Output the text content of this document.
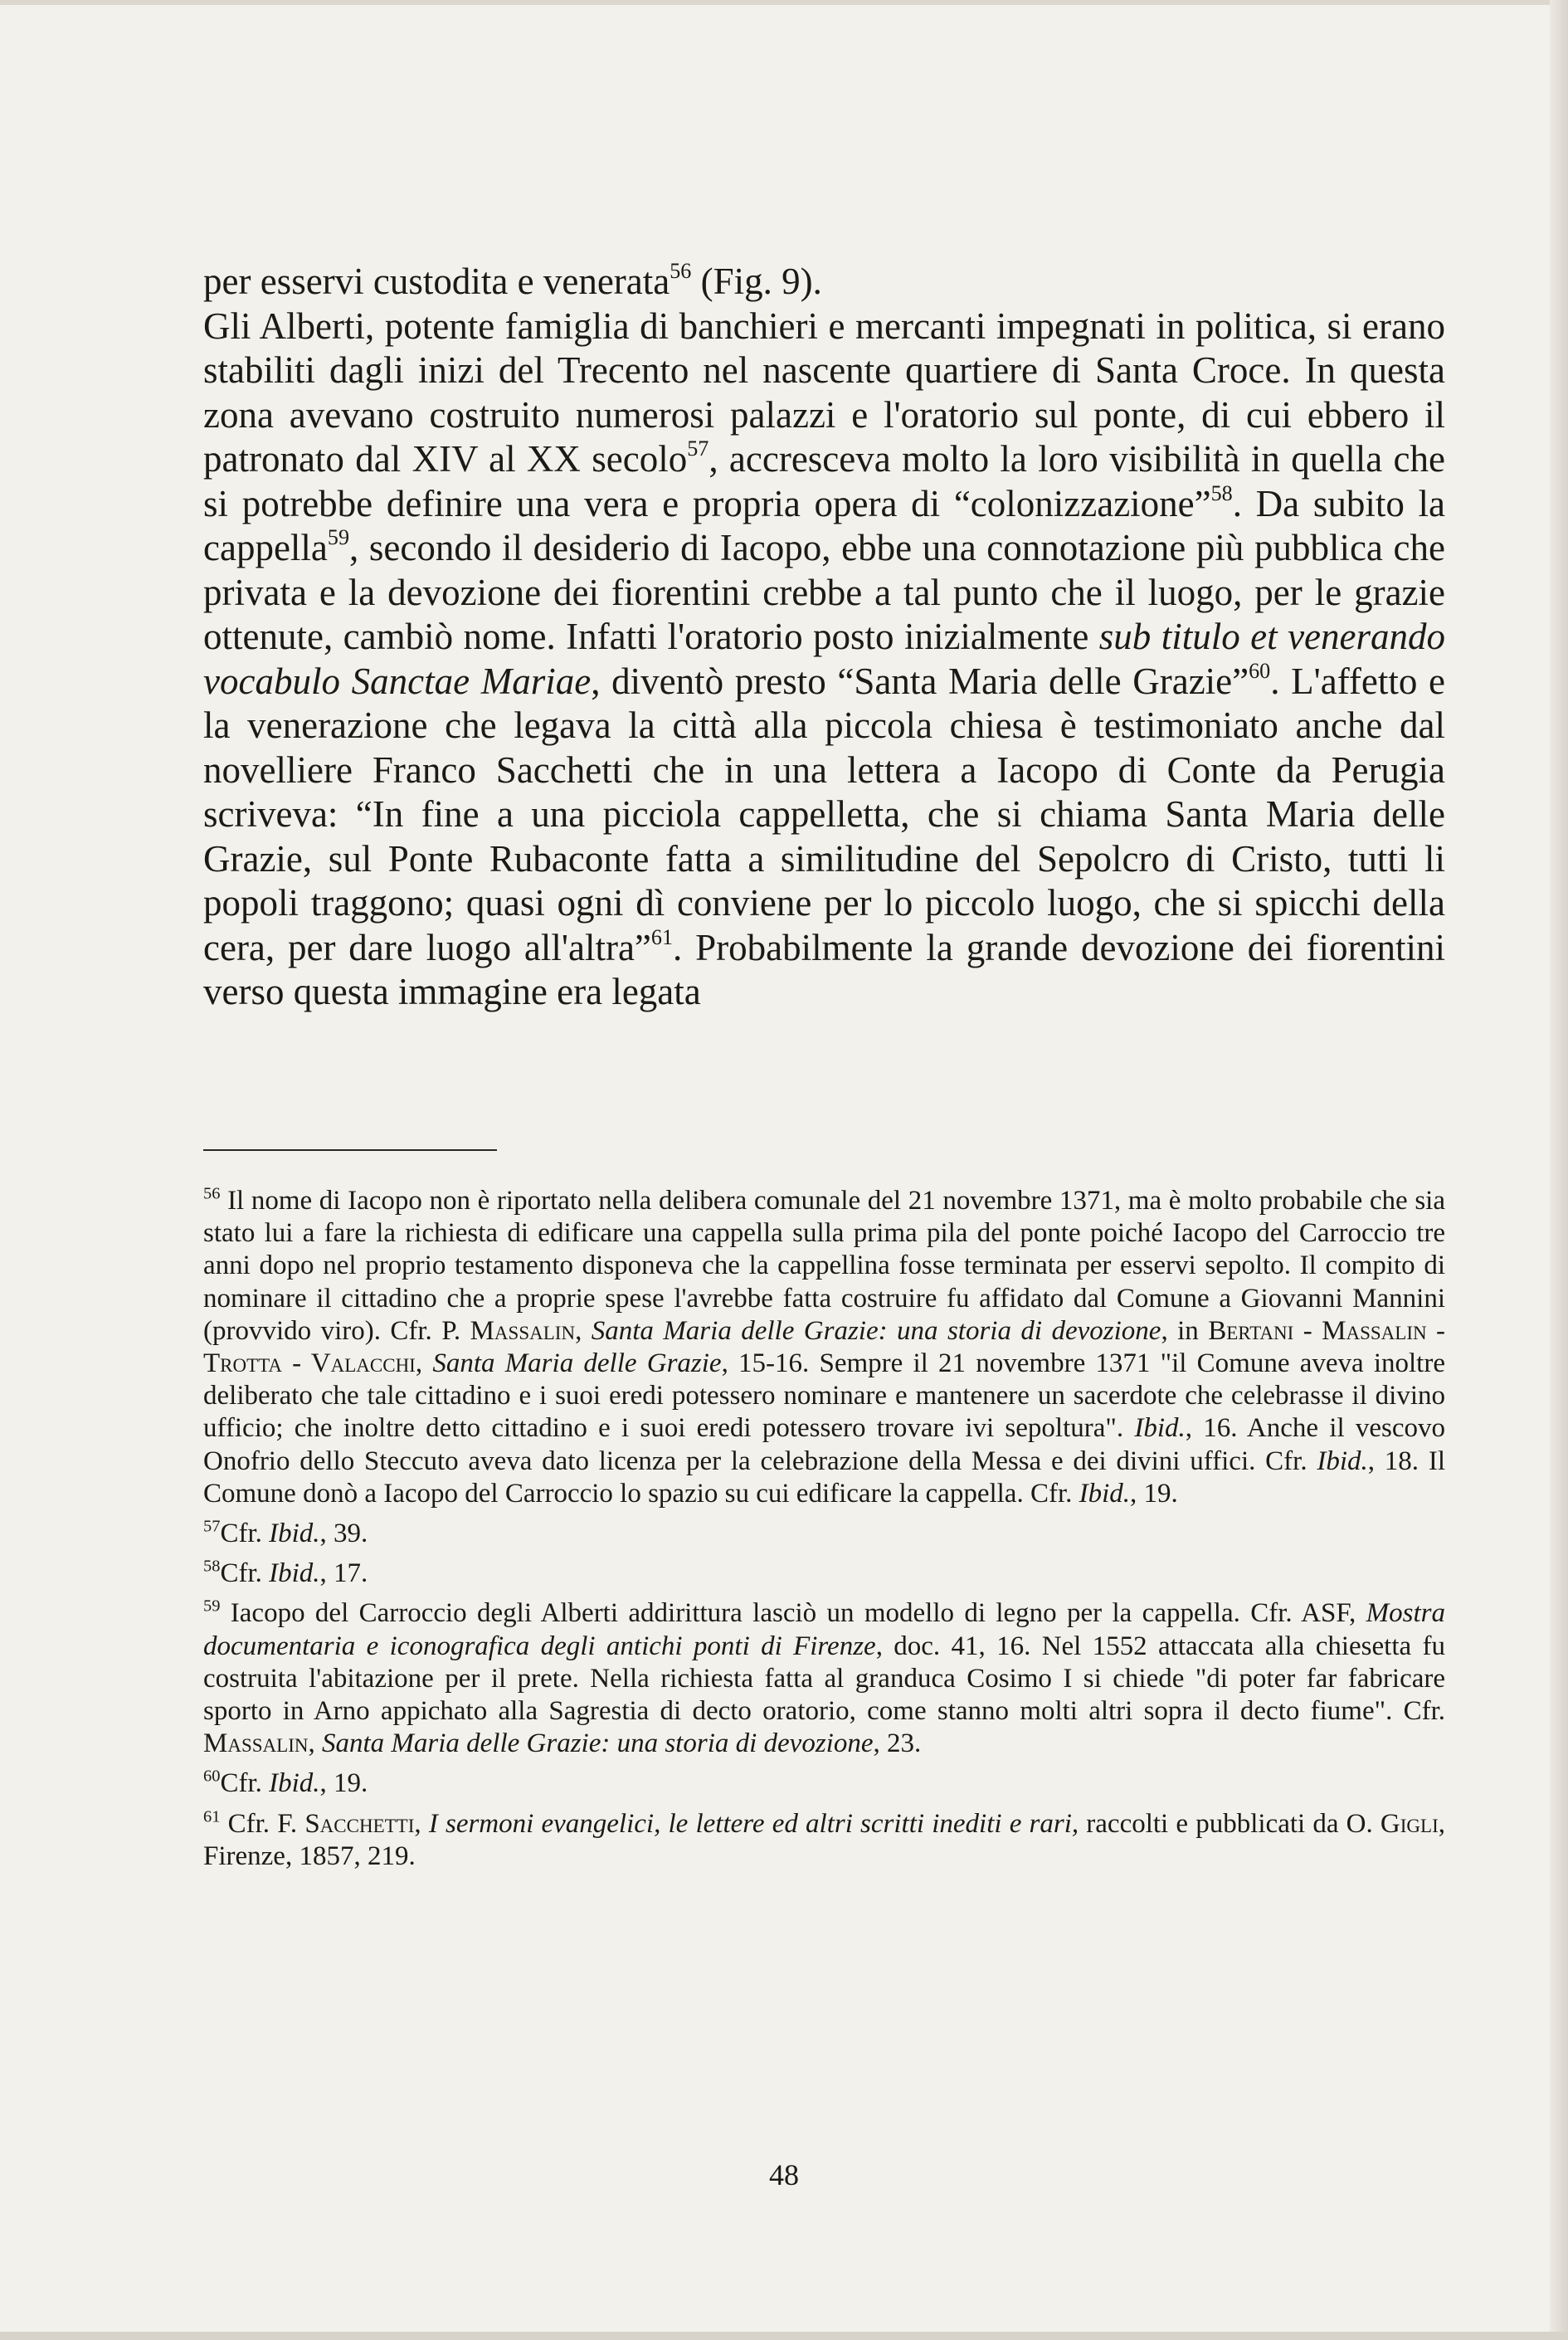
per esservi custodita e venerata$^{56}$ (Fig. 9).

Gli Alberti, potente famiglia di banchieri e mercanti impegnati in politica, si erano stabiliti dagli inizi del Trecento nel nascente quartiere di Santa Croce. In questa zona avevano costruito numerosi palazzi e l'oratorio sul ponte, di cui ebbero il patronato dal XIV al XX secolo$^{57}$, accresceva molto la loro visibilità in quella che si potrebbe definire una vera e propria opera di “colonizzazione”$^{58}$. Da subito la cappella$^{59}$, secondo il desiderio di Iacopo, ebbe una connotazione più pubblica che privata e la devozione dei fiorentini crebbe a tal punto che il luogo, per le grazie ottenute, cambiò nome. Infatti l'oratorio posto inizialmente sub titulo et venerando vocabulo Sanctae Mariae, diventò presto “Santa Maria delle Grazie”$^{60}$. L'affetto e la venerazione che legava la città alla piccola chiesa è testimoniato anche dal novelliere Franco Sacchetti che in una lettera a Iacopo di Conte da Perugia scriveva: “In fine a una picciola cappelletta, che si chiama Santa Maria delle Grazie, sul Ponte Rubaconte fatta a similitudine del Sepolcro di Cristo, tutti li popoli traggono; quasi ogni dì conviene per lo piccolo luogo, che si spicchi della cera, per dare luogo all'altra”$^{61}$. Probabilmente la grande devozione dei fiorentini verso questa immagine era legata

$^{56}$ Il nome di Iacopo non è riportato nella delibera comunale del 21 novembre 1371, ma è molto probabile che sia stato lui a fare la richiesta di edificare una cappella sulla prima pila del ponte poiché Iacopo del Carroccio tre anni dopo nel proprio testamento disponeva che la cappellina fosse terminata per esservi sepolto. Il compito di nominare il cittadino che a proprie spese l'avrebbe fatta costruire fu affidato dal Comune a Giovanni Mannini (provvido viro). Cfr. P. Massalin, Santa Maria delle Grazie: una storia di devozione, in Bertani - Massalin - Trotta - Valacchi, Santa Maria delle Grazie, 15-16. Sempre il 21 novembre 1371 "il Comune aveva inoltre deliberato che tale cittadino e i suoi eredi potessero nominare e mantenere un sacerdote che celebrasse il divino ufficio; che inoltre detto cittadino e i suoi eredi potessero trovare ivi sepoltura". Ibid., 16. Anche il vescovo Onofrio dello Steccuto aveva dato licenza per la celebrazione della Messa e dei divini uffici. Cfr. Ibid., 18. Il Comune donò a Iacopo del Carroccio lo spazio su cui edificare la cappella. Cfr. Ibid., 19.

$^{57}$Cfr. Ibid., 39.

$^{58}$Cfr. Ibid., 17.

$^{59}$ Iacopo del Carroccio degli Alberti addirittura lasciò un modello di legno per la cappella. Cfr. ASF, Mostra documentaria e iconografica degli antichi ponti di Firenze, doc. 41, 16. Nel 1552 attaccata alla chiesetta fu costruita l'abitazione per il prete. Nella richiesta fatta al granduca Cosimo I si chiede "di poter far fabricare sporto in Arno appichato alla Sagrestia di decto oratorio, come stanno molti altri sopra il decto fiume". Cfr. Massalin, Santa Maria delle Grazie: una storia di devozione, 23.

$^{60}$Cfr. Ibid., 19.

$^{61}$ Cfr. F. Sacchetti, I sermoni evangelici, le lettere ed altri scritti inediti e rari, raccolti e pubblicati da O. Gigli, Firenze, 1857, 219.

48
